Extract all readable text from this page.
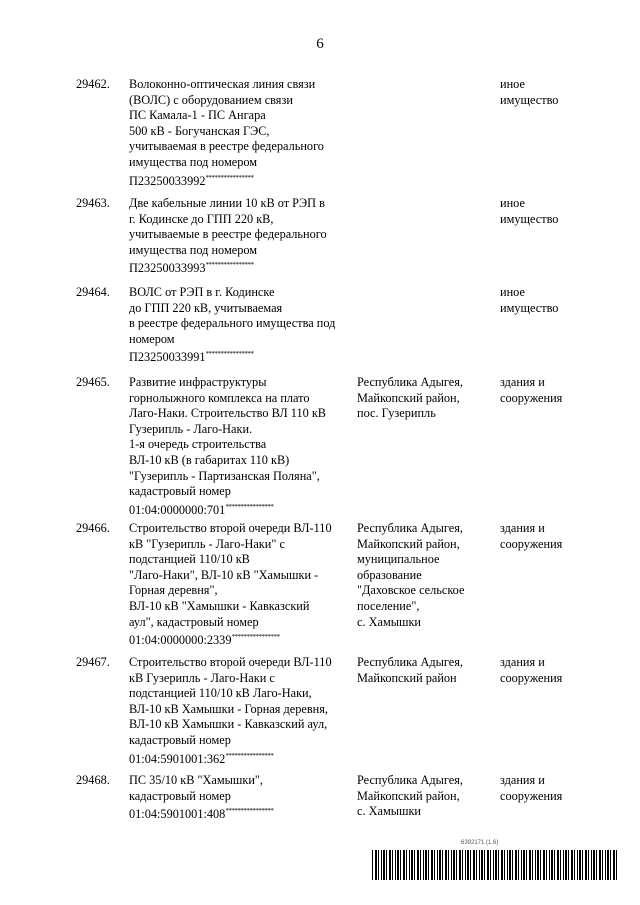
6
29462. Волоконно-оптическая линия связи
(ВОЛС) с оборудованием связи
ПС Камала-1 - ПС Ангара
500 кВ - Богучанская ГЭС,
учитываемая в реестре федерального
имущества под номером
П23250033992****************
иное
имущество
29463. Две кабельные линии 10 кВ от РЭП в
г. Кодинске до ГПП 220 кВ,
учитываемые в реестре федерального
имущества под номером
П23250033993****************
иное
имущество
29464. ВОЛС от РЭП в г. Кодинске
до ГПП 220 кВ, учитываемая
в реестре федерального имущества под
номером
П23250033991****************
иное
имущество
29465. Развитие инфраструктуры
горнолыжного комплекса на плато
Лаго-Наки. Строительство ВЛ 110 кВ
Гузерипль - Лаго-Наки.
1-я очередь строительства
ВЛ-10 кВ (в габаритах 110 кВ)
"Гузерипль - Партизанская Поляна",
кадастровый номер
01:04:0000000:701****************
Республика Адыгея,
Майкопский район,
пос. Гузерипль
здания и
сооружения
29466. Строительство второй очереди ВЛ-110
кВ "Гузерипль - Лаго-Наки" с
подстанцией 110/10 кВ
"Лаго-Наки", ВЛ-10 кВ "Хамышки -
Горная деревня",
ВЛ-10 кВ "Хамышки - Кавказский
аул", кадастровый номер
01:04:0000000:2339****************
Республика Адыгея,
Майкопский район,
муниципальное
образование
"Даховское сельское
поселение",
с. Хамышки
здания и
сооружения
29467. Строительство второй очереди ВЛ-110
кВ Гузерипль - Лаго-Наки с
подстанцией 110/10 кВ Лаго-Наки,
ВЛ-10 кВ Хамышки - Горная деревня,
ВЛ-10 кВ Хамышки - Кавказский аул,
кадастровый номер
01:04:5901001:362****************
Республика Адыгея,
Майкопский район
здания и
сооружения
29468. ПС 35/10 кВ "Хамышки",
кадастровый номер
01:04:5901001:408****************
Республика Адыгея,
Майкопский район,
с. Хамышки
здания и
сооружения
6392171 (1.6)
